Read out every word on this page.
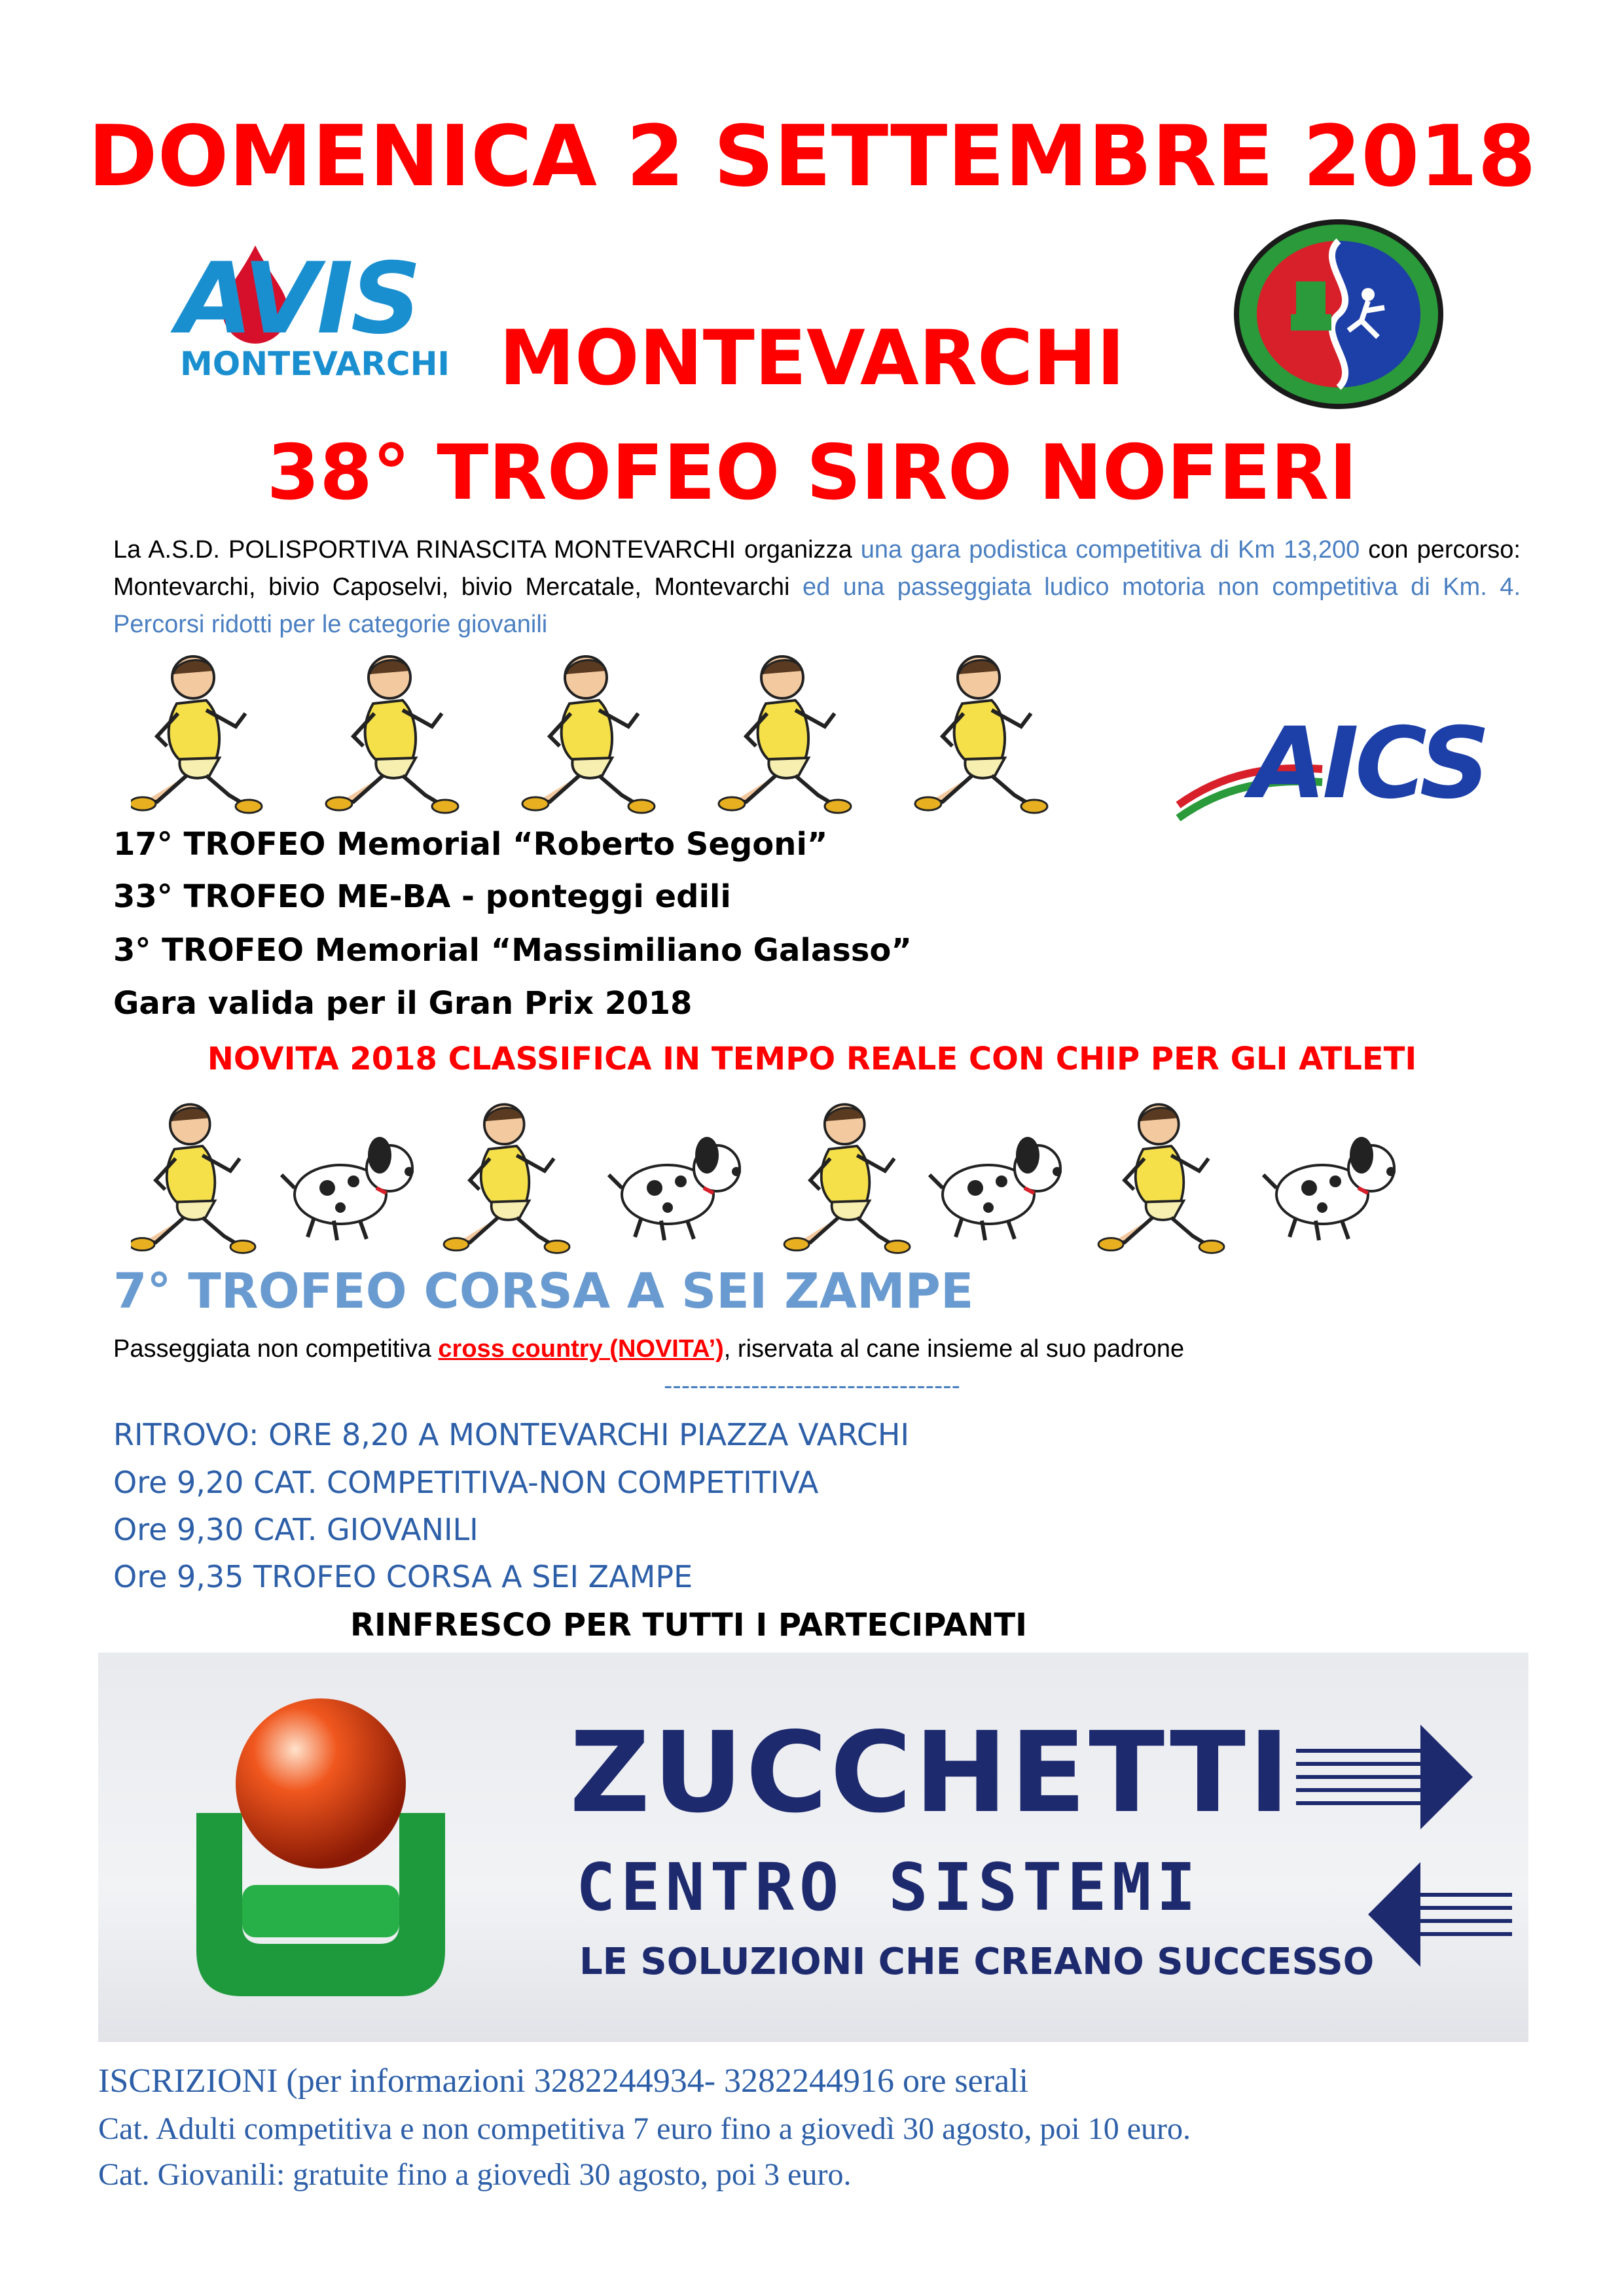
DOMENICA 2 SETTEMBRE 2018
AVIS
MONTEVARCHI MONTEVARCHI
38° TROFEO SIRO NOFERI
La A.S.D. POLISPORTIVA RINASCITA MONTEVARCHI organizza una gara podistica competitiva di Km 13,200 con percorso: Montevarchi, bivio Caposelvi, bivio Mercatale, Montevarchi ed una passeggiata ludico motoria non competitiva di Km. 4. Percorsi ridotti per le categorie giovanili
AICS
17° TROFEO Memorial “Roberto Segoni”
33° TROFEO ME-BA - ponteggi edili
3° TROFEO Memorial “Massimiliano Galasso”
Gara valida per il Gran Prix 2018
NOVITA 2018 CLASSIFICA IN TEMPO REALE CON CHIP PER GLI ATLETI
7° TROFEO CORSA A SEI ZAMPE
Passeggiata non competitiva cross country (NOVITA’), riservata al cane insieme al suo padrone
----------------------------------
RITROVO: ORE 8,20 A MONTEVARCHI PIAZZA VARCHI
Ore 9,20 CAT. COMPETITIVA-NON COMPETITIVA
Ore 9,30 CAT. GIOVANILI
Ore 9,35 TROFEO CORSA A SEI ZAMPE
RINFRESCO PER TUTTI I PARTECIPANTI
ZUCCHETTI
CENTRO SISTEMI
LE SOLUZIONI CHE CREANO SUCCESSO
ISCRIZIONI (per informazioni 3282244934- 3282244916 ore serali
Cat. Adulti competitiva e non competitiva 7 euro fino a giovedì 30 agosto, poi 10 euro.
Cat. Giovanili: gratuite fino a giovedì 30 agosto, poi 3 euro.
